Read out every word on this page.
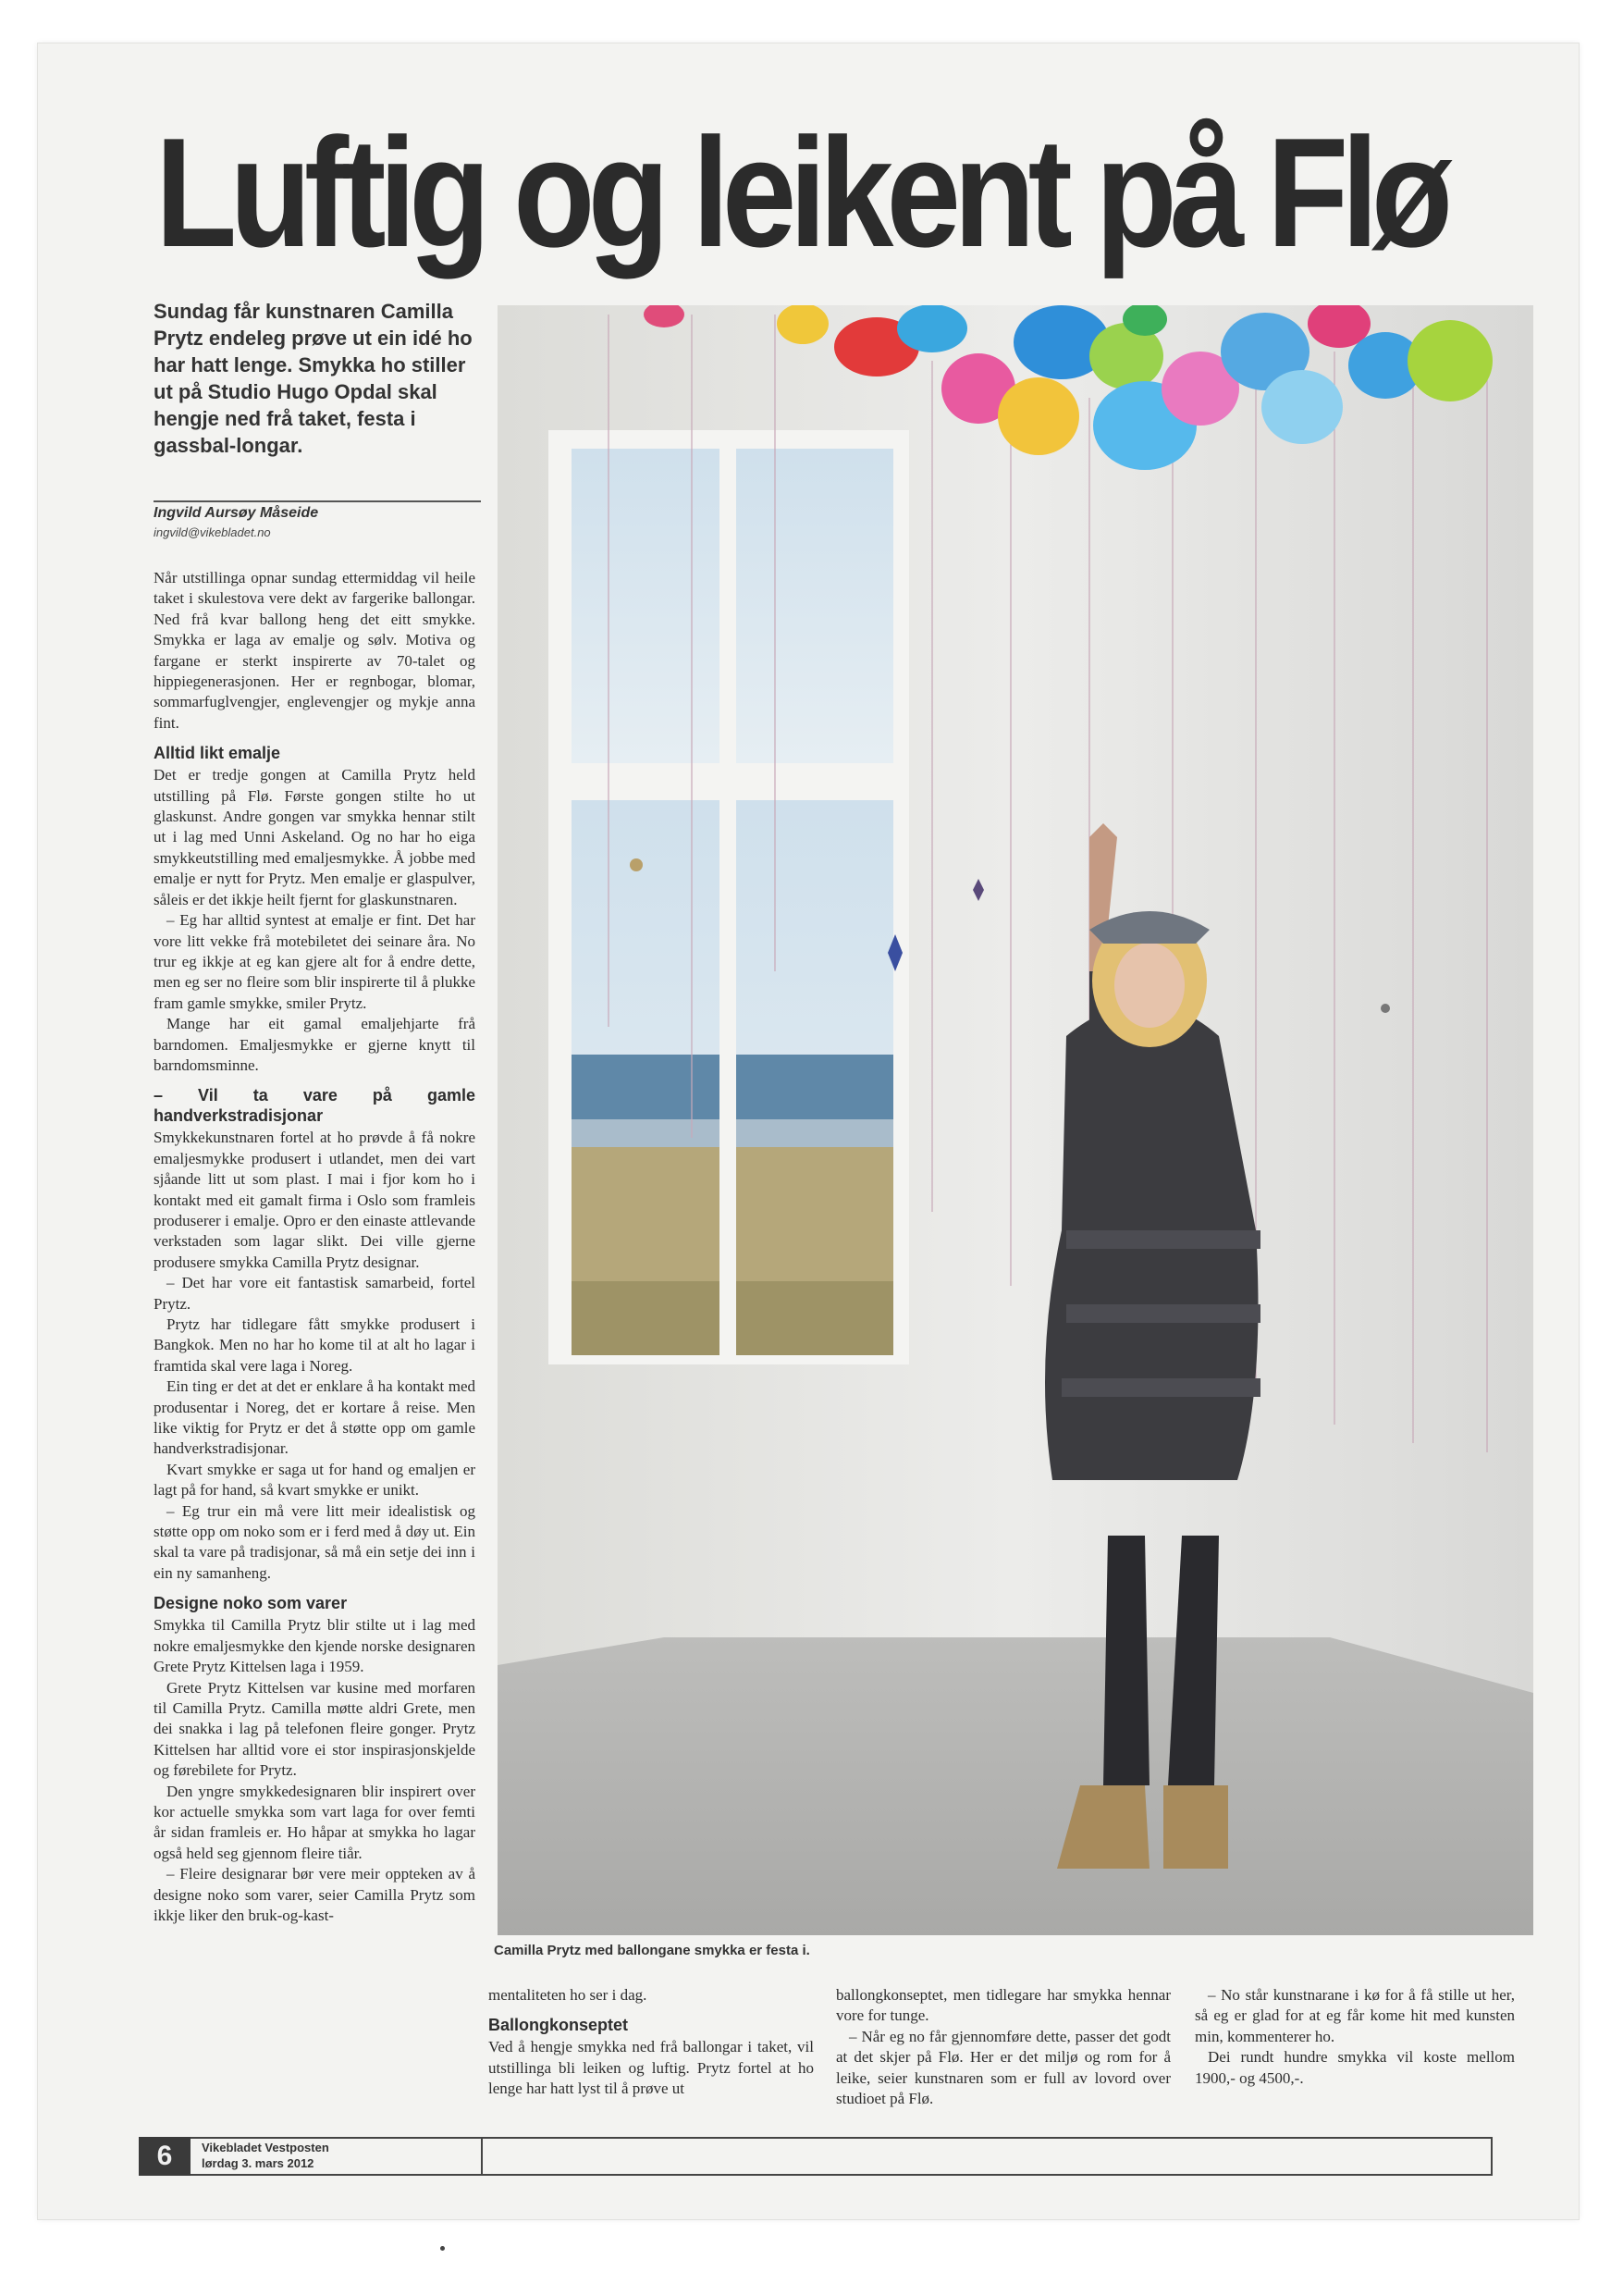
Luftig og leikent på Flø
Sundag får kunstnaren Camilla Prytz endeleg prøve ut ein idé ho har hatt lenge. Smykka ho stiller ut på Studio Hugo Opdal skal hengje ned frå taket, festa i gassbal-longar.
Ingvild Aursøy Måseide
ingvild@vikebladet.no

Når utstillinga opnar sundag ettermiddag vil heile taket i skulestova vere dekt av fargerike ballongar. Ned frå kvar ballong heng det eitt smykke. Smykka er laga av emalje og sølv. Motiva og fargane er sterkt inspirerte av 70-talet og hippiegenerasjonen. Her er regnbogar, blomar, sommarfuglvengjer, englevengjer og mykje anna fint.

Alltid likt emalje

Det er tredje gongen at Camilla Prytz held utstilling på Flø. Første gongen stilte ho ut glaskunst. Andre gongen var smykka hennar stilt ut i lag med Unni Askeland. Og no har ho eiga smykkeutstilling med emaljesmykke. Å jobbe med emalje er nytt for Prytz. Men emalje er glaspulver, såleis er det ikkje heilt fjernt for glaskunstnaren.

– Eg har alltid syntest at emalje er fint. Det har vore litt vekke frå motebiletet dei seinare åra. No trur eg ikkje at eg kan gjere alt for å endre dette, men eg ser no fleire som blir inspirerte til å plukke fram gamle smykke, smiler Prytz.

Mange har eit gamal emaljehjarte frå barndomen. Emaljesmykke er gjerne knytt til barndomsminne.

– Vil ta vare på gamle handverkstradisjonar

Smykkekunstnaren fortel at ho prøvde å få nokre emaljesmykke produsert i utlandet, men dei vart sjåande litt ut som plast. I mai i fjor kom ho i kontakt med eit gamalt firma i Oslo som framleis produserer i emalje. Opro er den einaste attlevande verkstaden som lagar slikt. Dei ville gjerne produsere smykka Camilla Prytz designar.

– Det har vore eit fantastisk samarbeid, fortel Prytz.

Prytz har tidlegare fått smykke produsert i Bangkok. Men no har ho kome til at alt ho lagar i framtida skal vere laga i Noreg.

Ein ting er det at det er enklare å ha kontakt med produsentar i Noreg, det er kortare å reise. Men like viktig for Prytz er det å støtte opp om gamle handverkstradisjonar.

Kvart smykke er saga ut for hand og emaljen er lagt på for hand, så kvart smykke er unikt.

– Eg trur ein må vere litt meir idealistisk og støtte opp om noko som er i ferd med å døy ut. Ein skal ta vare på tradisjonar, så må ein setje dei inn i ein ny samanheng.

Designe noko som varer

Smykka til Camilla Prytz blir stilte ut i lag med nokre emaljesmykke den kjende norske designaren Grete Prytz Kittelsen laga i 1959.

Grete Prytz Kittelsen var kusine med morfaren til Camilla Prytz. Camilla møtte aldri Grete, men dei snakka i lag på telefonen fleire gonger. Prytz Kittelsen har alltid vore ei stor inspirasjonskjelde og førebilete for Prytz.

Den yngre smykkedesignaren blir inspirert over kor actuelle smykka som vart laga for over femti år sidan framleis er. Ho håpar at smykka ho lagar også held seg gjennom fleire tiår.

– Fleire designarar bør vere meir oppteken av å designe noko som varer, seier Camilla Prytz som ikkje liker den bruk-og-kast-

Camilla Prytz med ballongane smykka er festa i.

mentaliteten ho ser i dag.

Ballongkonseptet

Ved å hengje smykka ned frå ballongar i taket, vil utstillinga bli leiken og luftig. Prytz fortel at ho lenge har hatt lyst til å prøve ut

ballongkonseptet, men tidlegare har smykka hennar vore for tunge.

– Når eg no får gjennomføre dette, passer det godt at det skjer på Flø. Her er det miljø og rom for å leike, seier kunstnaren som er full av lovord over studioet på Flø.

– No står kunstnarane i kø for å få stille ut her, så eg er glad for at eg får kome hit med kunsten min, kommenterer ho.

Dei rundt hundre smykka vil koste mellom 1900,- og 4500,-.

6	Vikebladet Vestposten
lørdag 3. mars 2012
